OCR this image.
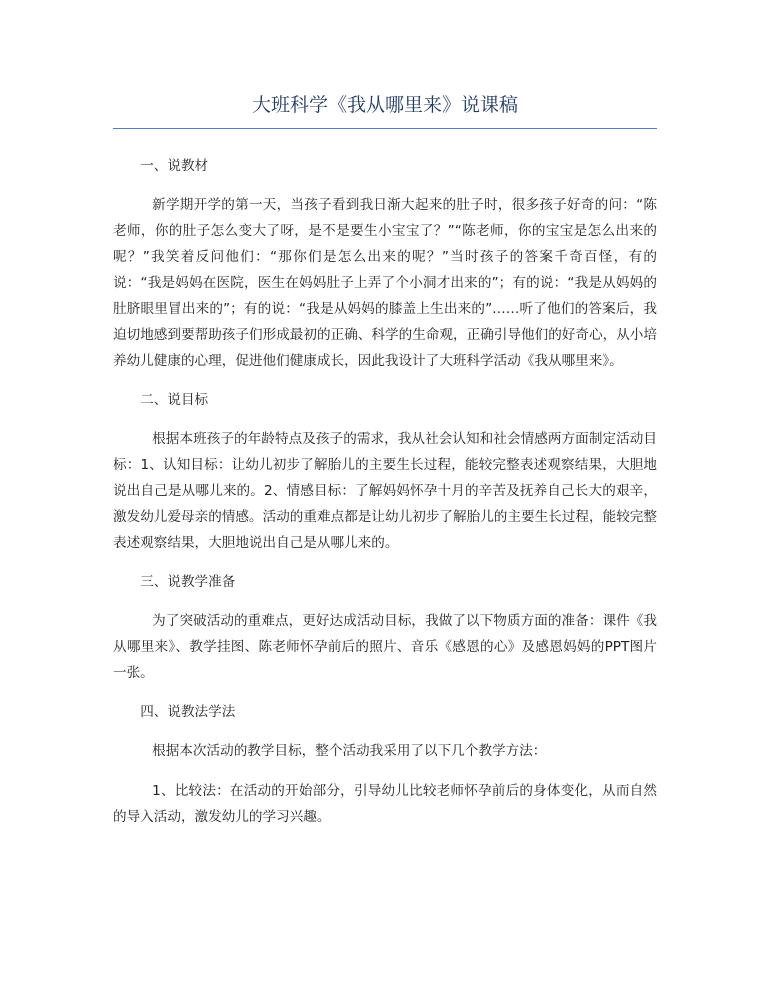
大班科学《我从哪里来》说课稿

一、说教材

新学期开学的第一天，当孩子看到我日渐大起来的肚子时，很多孩子好奇的问：“陈老师，你的肚子怎么变大了呀，是不是要生小宝宝了？”“陈老师，你的宝宝是怎么出来的呢？”我笑着反问他们：“那你们是怎么出来的呢？”当时孩子的答案千奇百怪，有的说：“我是妈妈在医院，医生在妈妈肚子上弄了个小洞才出来的”；有的说：“我是从妈妈的肚脐眼里冒出来的”；有的说：“我是从妈妈的膝盖上生出来的”……听了他们的答案后，我迫切地感到要帮助孩子们形成最初的正确、科学的生命观，正确引导他们的好奇心，从小培养幼儿健康的心理，促进他们健康成长，因此我设计了大班科学活动《我从哪里来》。

二、说目标

根据本班孩子的年龄特点及孩子的需求，我从社会认知和社会情感两方面制定活动目标：1、认知目标：让幼儿初步了解胎儿的主要生长过程，能较完整表述观察结果，大胆地说出自己是从哪儿来的。2、情感目标：了解妈妈怀孕十月的辛苦及抚养自己长大的艰辛，激发幼儿爱母亲的情感。活动的重难点都是让幼儿初步了解胎儿的主要生长过程，能较完整表述观察结果，大胆地说出自己是从哪儿来的。

三、说教学准备

为了突破活动的重难点，更好达成活动目标，我做了以下物质方面的准备：课件《我从哪里来》、教学挂图、陈老师怀孕前后的照片、音乐《感恩的心》及感恩妈妈的PPT图片一张。

四、说教法学法

根据本次活动的教学目标，整个活动我采用了以下几个教学方法：

1、比较法：在活动的开始部分，引导幼儿比较老师怀孕前后的身体变化，从而自然的导入活动，激发幼儿的学习兴趣。
